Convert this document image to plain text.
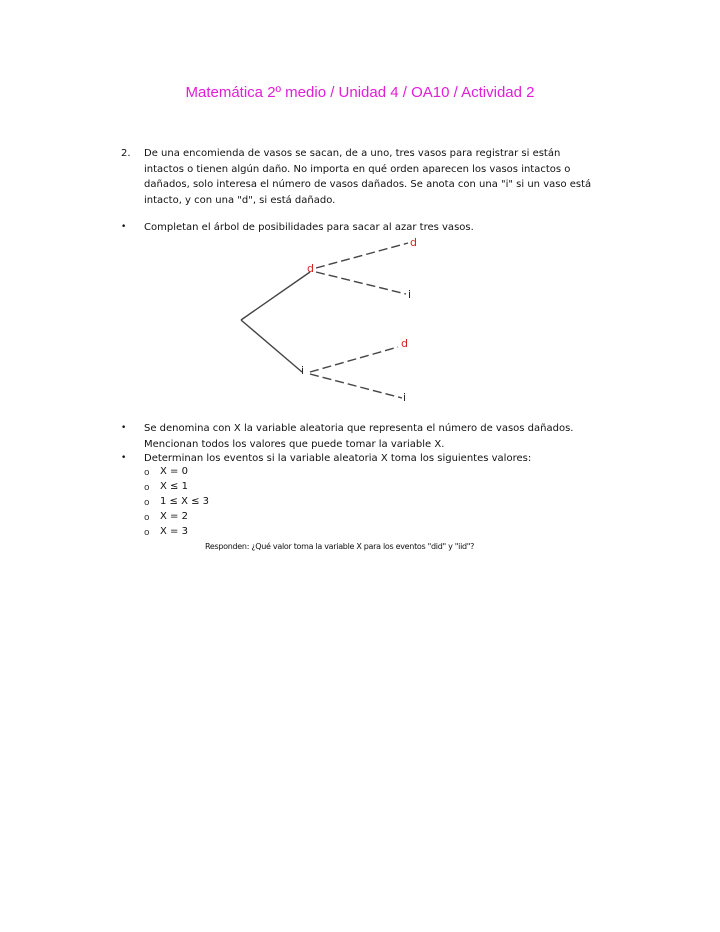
Matemática 2º medio / Unidad 4 / OA10 / Actividad 2
2. De una encomienda de vasos se sacan, de a uno, tres vasos para registrar si están
intactos o tienen algún daño. No importa en qué orden aparecen los vasos intactos o
dañados, solo interesa el número de vasos dañados. Se anota con una "i" si un vaso está
intacto, y con una "d", si está dañado.
• Completan el árbol de posibilidades para sacar al azar tres vasos.
d
i
d
i
d
i
• Se denomina con X la variable aleatoria que representa el número de vasos dañados.
Mencionan todos los valores que puede tomar la variable X.
• Determinan los eventos si la variable aleatoria X toma los siguientes valores:
o X = 0
o X ≤ 1
o 1 ≤ X ≤ 3
o X = 2
o X = 3
Responden: ¿Qué valor toma la variable X para los eventos "did" y "iid"?
